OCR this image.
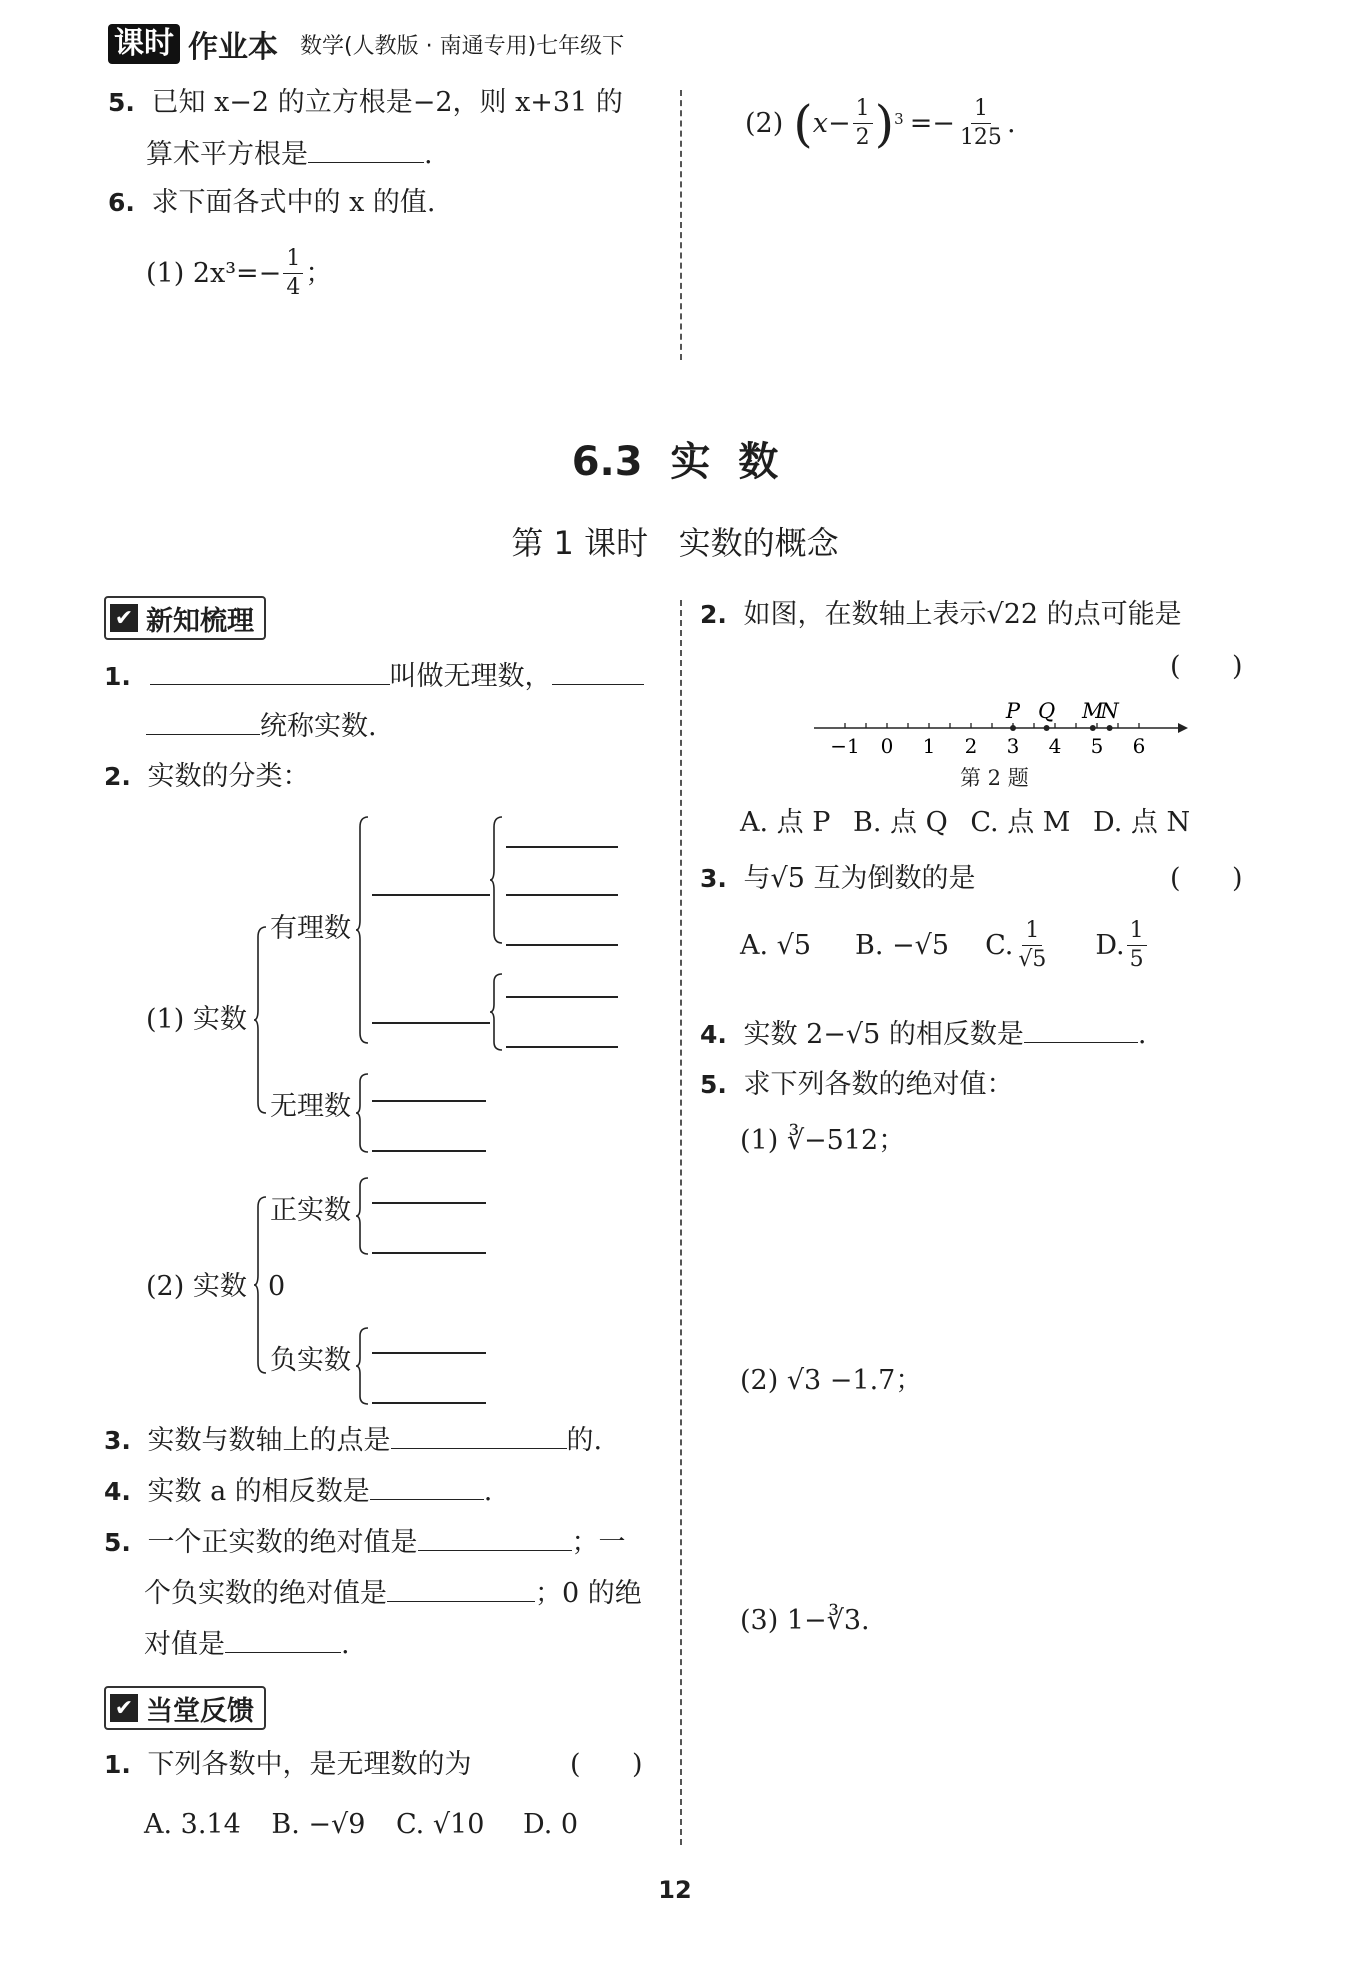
课时 作业本 数学(人教版 · 南通专用)七年级下
5. 已知 x−2 的立方根是−2，则 x+31 的
算术平方根是	.
6. 求下面各式中的 x 的值.
(1) $2x^3=- \frac{1}{4}$ ；
(2) ( $x- \frac{1}{2}$ ) $3 =- \frac{1}{125}$ .
6.3  实  数
第 1 课时   实数的概念
✔ 新知梳理
1.	叫做无理数，
统称实数.
2. 实数的分类：
(1) 实数
有理数
无理数
(2) 实数
正实数
0
负实数
3. 实数与数轴上的点是	的.
4. 实数 a 的相反数是	.
5. 一个正实数的绝对值是	；一
个负实数的绝对值是	；0 的绝
对值是	.
✔ 当堂反馈
1. 下列各数中，是无理数的为	(      )
A. 3.14 B. −√9 C. √10 D. 0
2. 如图，在数轴上表示√22 的点可能是
(      )
−1 0 1 2 3 4 5 6
P Q M
N
第 2 题
A. 点 P B. 点 Q C. 点 M D. 点 N
3. 与√5 互为倒数的是	(      )
A. √5 B. −√5 C. $\frac{1}{√5} D$. $\frac{1}{5}$
4. 实数 2−√5 的相反数是	.
5. 求下列各数的绝对值：
(1) ∛−512；
(2) √3 −1.7；
(3) 1−∛3.
12
